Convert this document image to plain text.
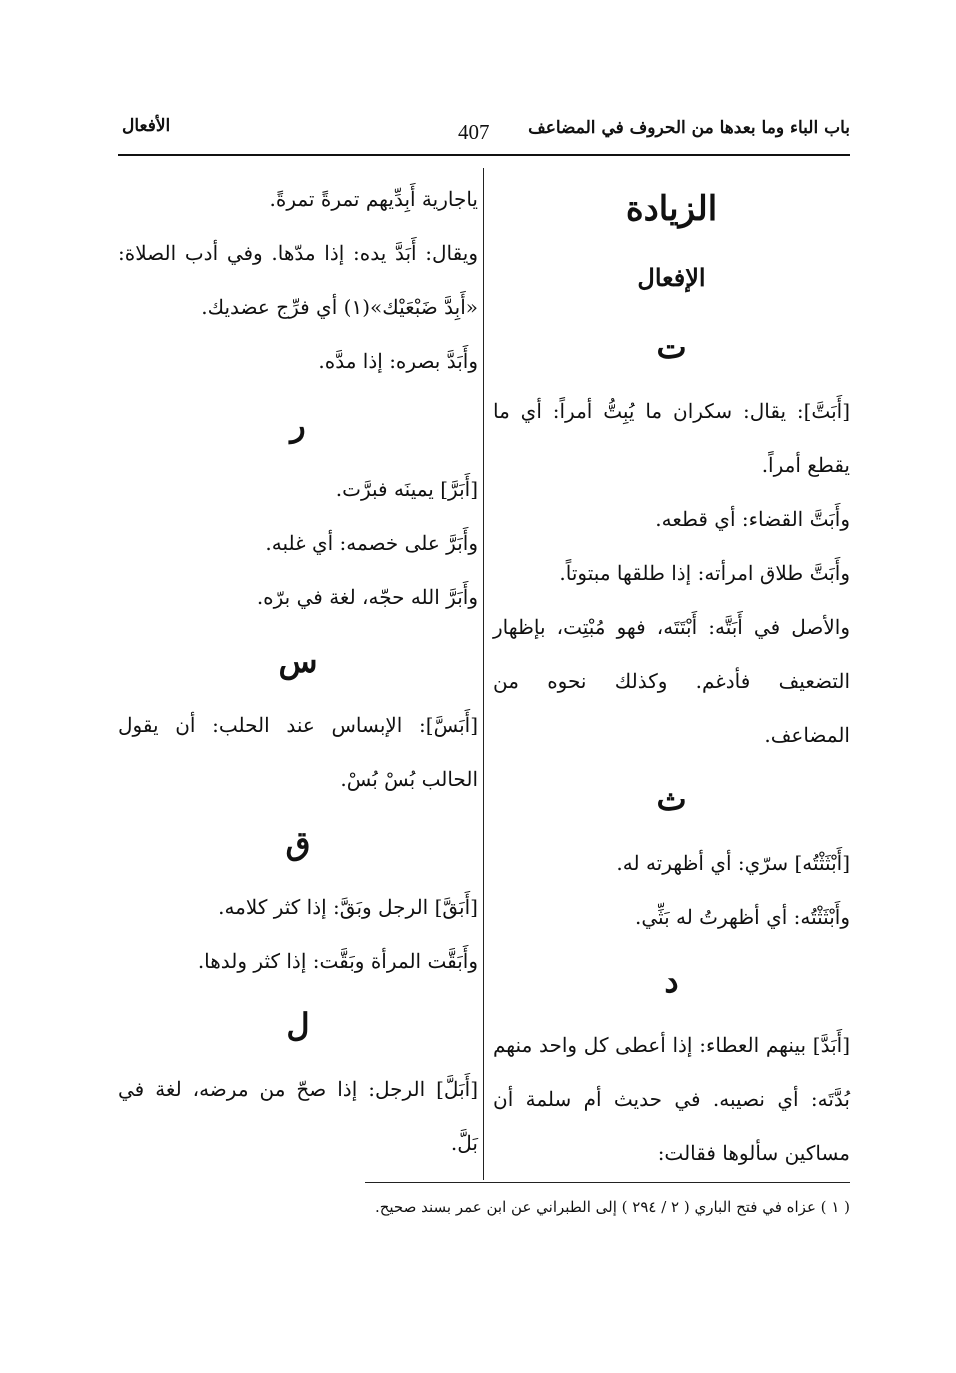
باب الباء وما بعدها من الحروف في المضاعف
407
الأفعال

الزيادة

الإفعال

ت

[أَبَتَّ]: يقال: سكران ما يُبِتُّ أمراً: أي ما يقطع أمراً.

وأَبَتَّ القضاء: أي قطعه.

وأَبَتَّ طلاق امرأته: إذا طلقها مبتوتاً.

والأصل في أَبَتَّه: أَبْتَتَه، فهو مُبْتِت، بإظهار التضعيف فأدغم. وكذلك نحوه من المضاعف.

ث

[أَبْثَثْتُه] سرّي: أي أظهرته له.

وأَبْثَثْتُه: أي أظهرتُ له بَثِّي.

د

[أَبَدَّ] بينهم العطاء: إذا أعطى كل واحد منهم بُدَّتَه: أي نصيبه. في حديث أم سلمة أن مساكين سألوها فقالت:

ياجارية أَبِدِّيهم تمرةً تمرةً.

ويقال: أَبَدَّ يده: إذا مدّها. وفي أدب الصلاة: «أَبِدَّ ضَبْعَيْك»(١) أي فرِّج عضديك.

وأَبَدَّ بصره: إذا مدَّه.

ر

[أَبَرَّ] يمينَه فبرَّت.

وأَبَرَّ على خصمه: أي غلبه.

وأَبَرَّ الله حجّه، لغة في برّه.

س

[أَبَسَّ]: الإبساس عند الحلب: أن يقول الحالب بُسْ بُسْ.

ق

[أَبَقَّ] الرجل وبَقَّ: إذا كثر كلامه.

وأَبَقَّت المرأة وبَقَّت: إذا كثر ولدها.

ل

[أَبَلَّ] الرجل: إذا صحّ من مرضه، لغة في بَلَّ.

( ١ ) عزاه في فتح الباري ( ٢ / ٢٩٤ ) إلى الطبراني عن ابن عمر بسند صحيح.
